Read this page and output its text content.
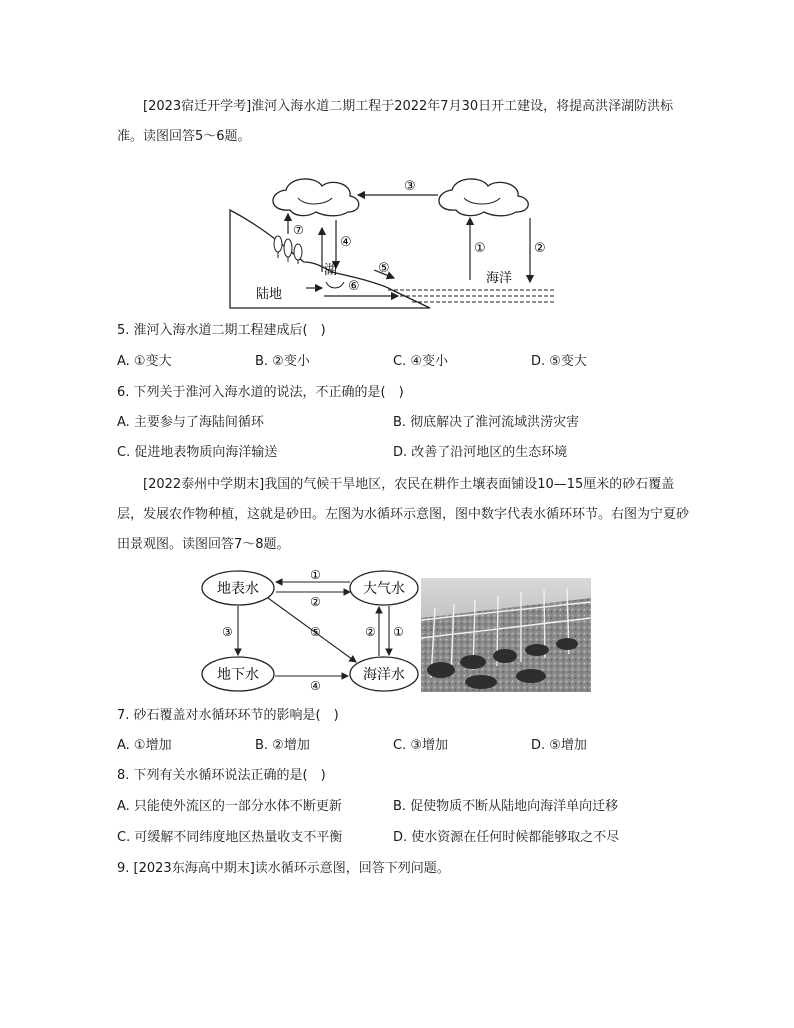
[2023宿迁开学考]淮河入海水道二期工程于2022年7月30日开工建设，将提高洪泽湖防洪标准。读图回答5～6题。
③
⑦
④
湖	⑤
⑥
陆地
①	②
海洋
5. 淮河入海水道二期工程建成后(　)
A. ①变大	B. ②变小	C. ④变小	D. ⑤变大
6. 下列关于淮河入海水道的说法，不正确的是(　)
A. 主要参与了海陆间循环	B. 彻底解决了淮河流域洪涝灾害
C. 促进地表物质向海洋输送	D. 改善了沿河地区的生态环境
[2022泰州中学期末]我国的气候干旱地区，农民在耕作土壤表面铺设10—15厘米的砂石覆盖层，发展农作物种植，这就是砂田。左图为水循环示意图，图中数字代表水循环环节。右图为宁夏砂田景观图。读图回答7～8题。
地表水	大气水
地下水	海洋水
①
②
③	⑤	② ①
④
7. 砂石覆盖对水循环环节的影响是(　)
A. ①增加	B. ②增加	C. ③增加	D. ⑤增加
8. 下列有关水循环说法正确的是(　)
A. 只能使外流区的一部分水体不断更新	B. 促使物质不断从陆地向海洋单向迁移
C. 可缓解不同纬度地区热量收支不平衡	D. 使水资源在任何时候都能够取之不尽
9. [2023东海高中期末]读水循环示意图，回答下列问题。
